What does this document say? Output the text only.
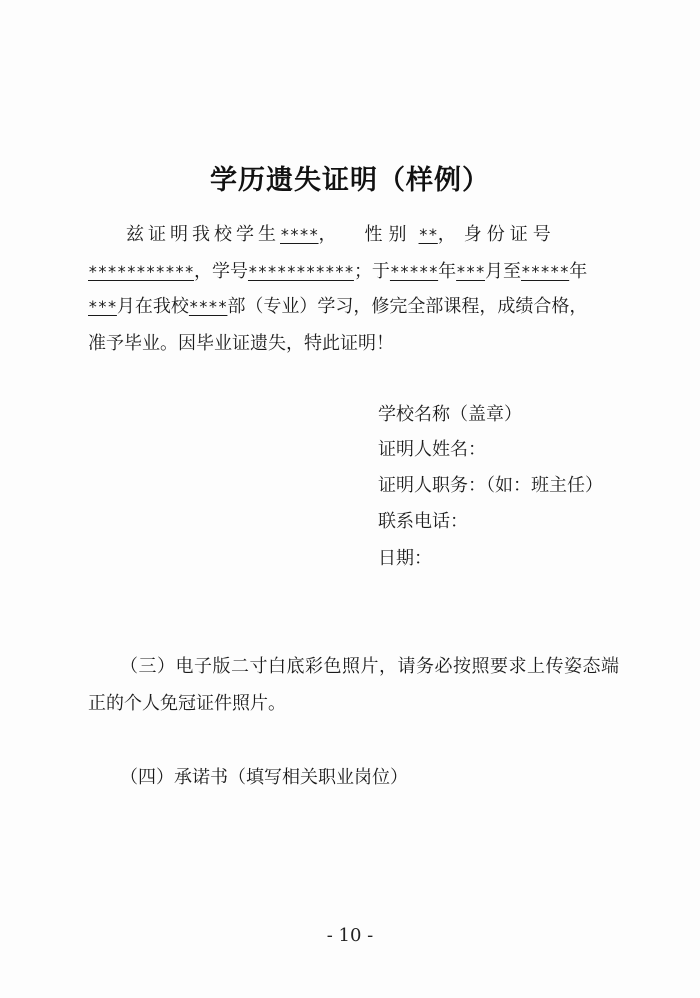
学历遗失证明（样例）
兹证明我校学生****， 性别 **， 身份证号
***********，学号***********；于*****年***月至*****年
***月在我校****部（专业）学习，修完全部课程，成绩合格，
准予毕业。因毕业证遗失，特此证明！
学校名称（盖章）
证明人姓名：
证明人职务：（如：班主任）
联系电话：
日期：
（三）电子版二寸白底彩色照片，请务必按照要求上传姿态端
正的个人免冠证件照片。
（四）承诺书（填写相关职业岗位）
- 10 -
